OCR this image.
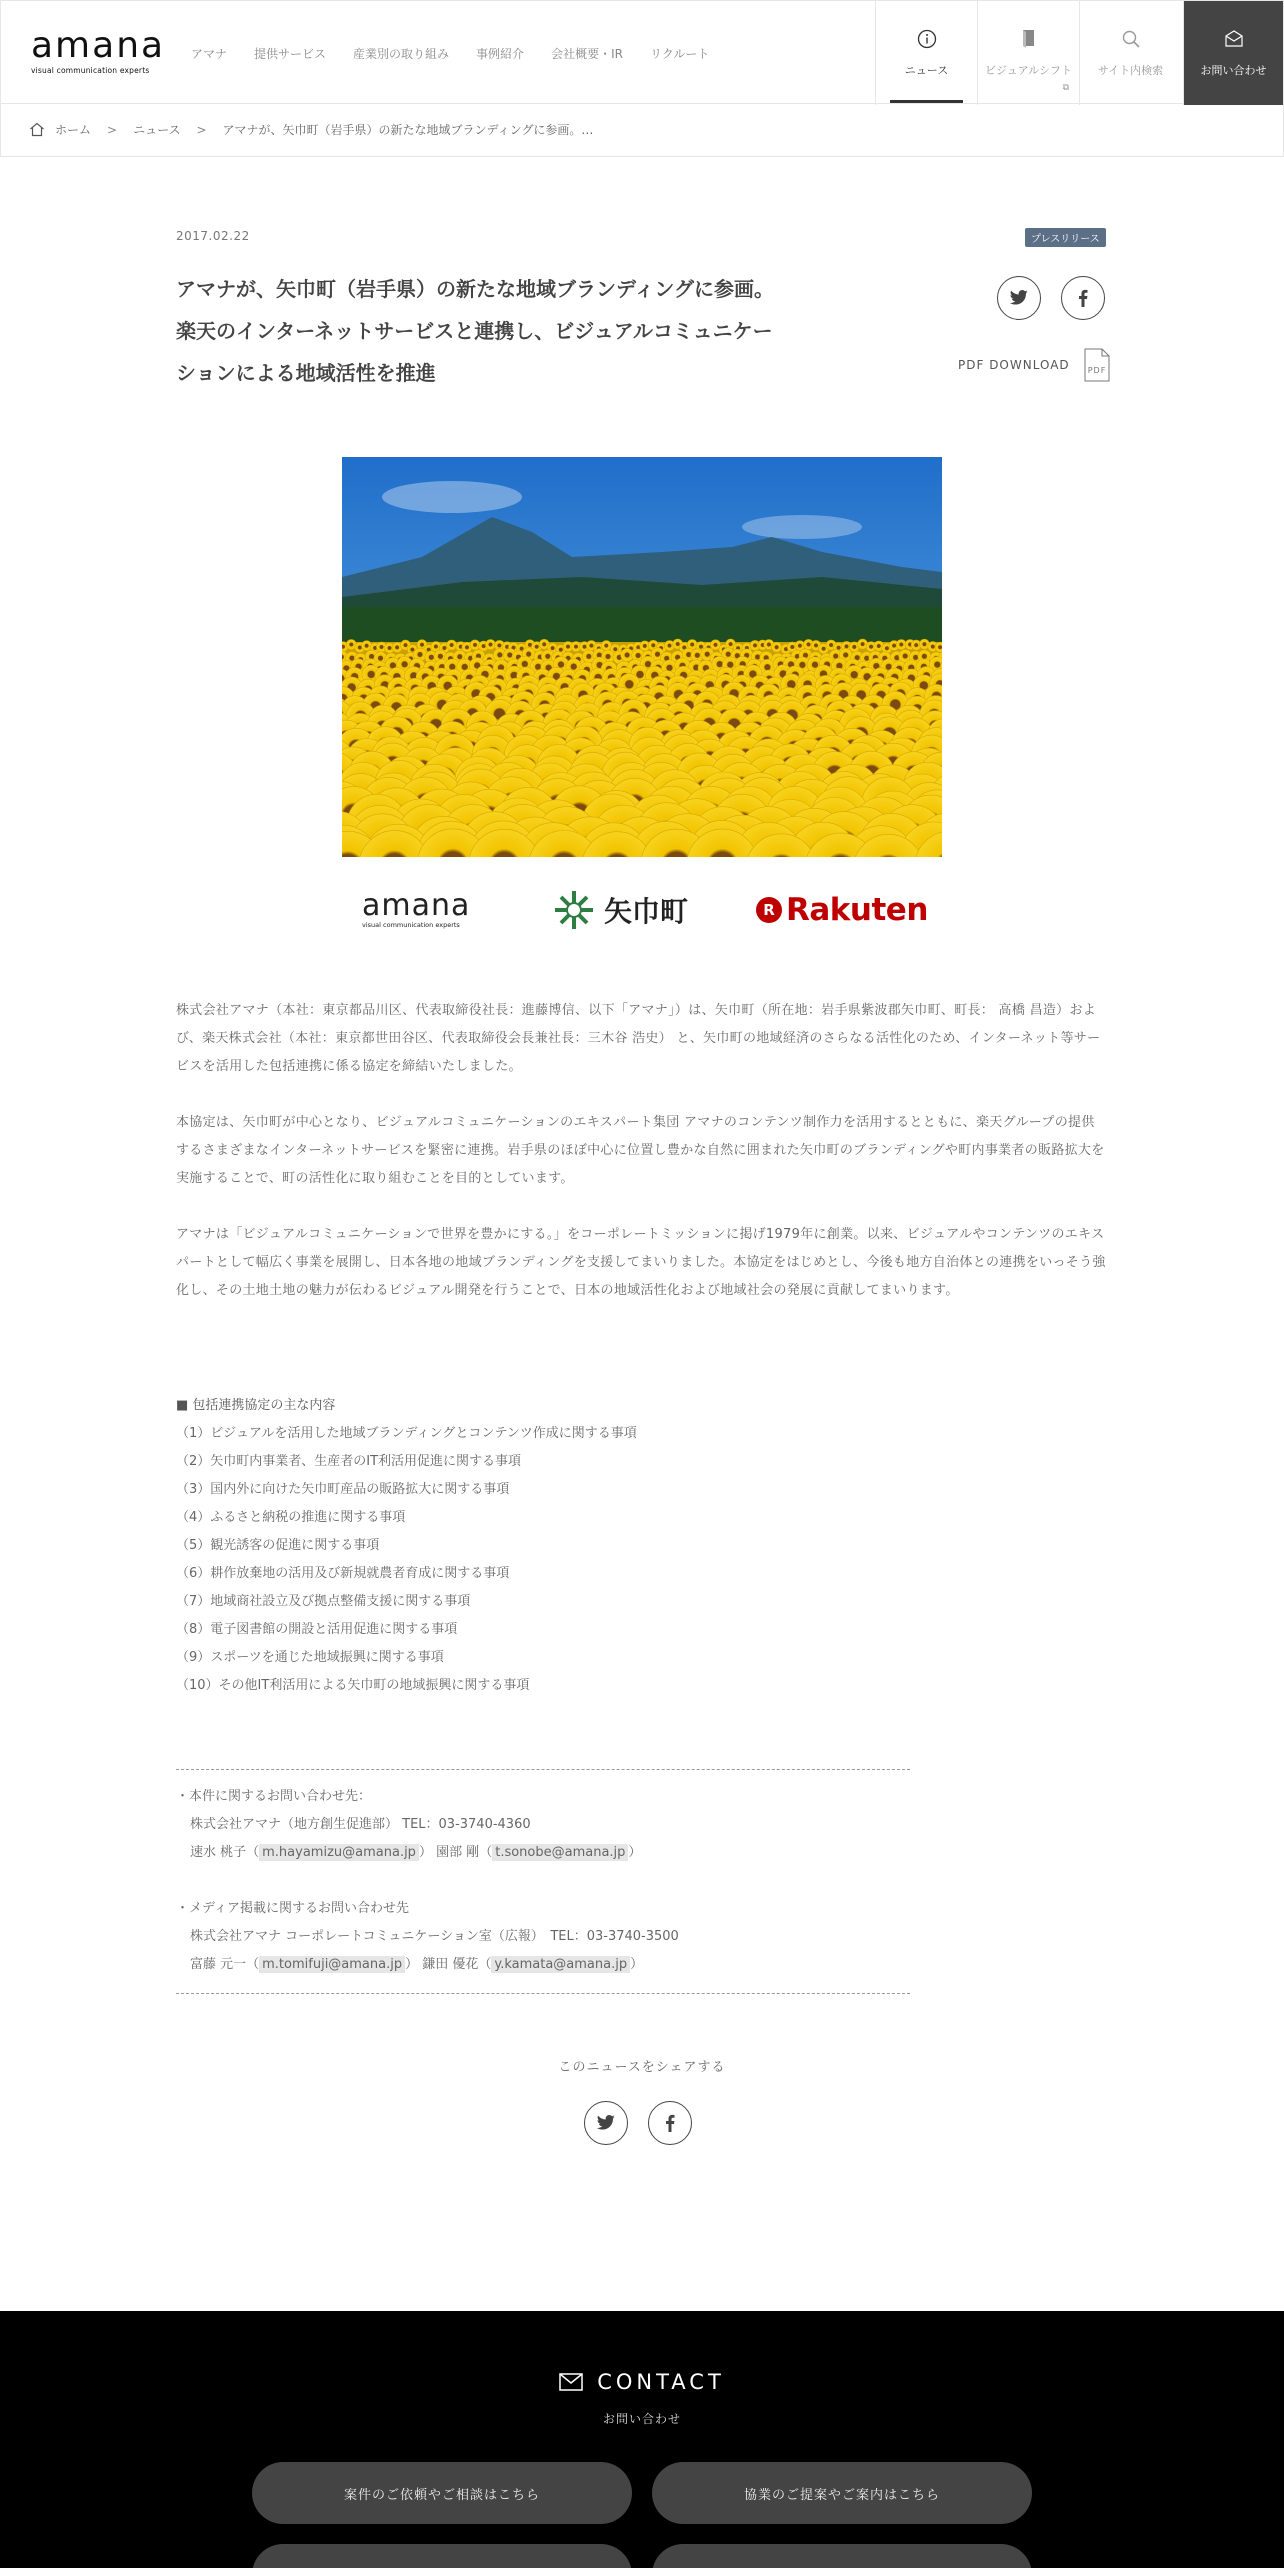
amana
visual communication experts
アマナ 提供サービス 産業別の取り組み 事例紹介 会社概要・IR リクルート
ニュース	ビジュアルシフト
⧉
サイト内検索	お問い合わせ
ホーム > ニュース > アマナが、矢巾町（岩手県）の新たな地域ブランディングに参画。…
2017.02.22	プレスリリース
アマナが、矢巾町（岩手県）の新たな地域ブランディングに参画。
楽天のインターネットサービスと連携し、ビジュアルコミュニケー
ションによる地域活性を推進	PDF DOWNLOAD PDF
amana
visual communication experts	矢巾町	R Rakuten

株式会社アマナ（本社：東京都品川区、代表取締役社長：進藤博信、以下「アマナ」）は、矢巾町（所在地：岩手県紫波郡矢巾町、町長： 高橋 昌造）および、楽天株式会社（本社：東京都世田谷区、代表取締役会長兼社長：三木谷 浩史） と、矢巾町の地域経済のさらなる活性化のため、インターネット等サービスを活用した包括連携に係る協定を締結いたしました。

本協定は、矢巾町が中心となり、ビジュアルコミュニケーションのエキスパート集団 アマナのコンテンツ制作力を活用するとともに、楽天グループの提供するさまざまなインターネットサービスを緊密に連携。岩手県のほぼ中心に位置し豊かな自然に囲まれた矢巾町のブランディングや町内事業者の販路拡大を実施することで、町の活性化に取り組むことを目的としています。

アマナは「ビジュアルコミュニケーションで世界を豊かにする。」をコーポレートミッションに掲げ1979年に創業。以来、ビジュアルやコンテンツのエキスパートとして幅広く事業を展開し、日本各地の地域ブランディングを支援してまいりました。本協定をはじめとし、今後も地方自治体との連携をいっそう強化し、その土地土地の魅力が伝わるビジュアル開発を行うことで、日本の地域活性化および地域社会の発展に貢献してまいります。

■ 包括連携協定の主な内容
（1）ビジュアルを活用した地域ブランディングとコンテンツ作成に関する事項
（2）矢巾町内事業者、生産者のIT利活用促進に関する事項
（3）国内外に向けた矢巾町産品の販路拡大に関する事項
（4）ふるさと納税の推進に関する事項
（5）観光誘客の促進に関する事項
（6）耕作放棄地の活用及び新規就農者育成に関する事項
（7）地域商社設立及び拠点整備支援に関する事項
（8）電子図書館の開設と活用促進に関する事項
（9）スポーツを通じた地域振興に関する事項
（10）その他IT利活用による矢巾町の地域振興に関する事項

・本件に関するお問い合わせ先：

株式会社アマナ（地方創生促進部） TEL：03-3740-4360

速水 桃子（ m.hayamizu@amana.jp ） 園部 剛（ t.sonobe@amana.jp ）

・メディア掲載に関するお問い合わせ先

株式会社アマナ コーポレートコミュニケーション室（広報）　TEL：03-3740-3500

富藤 元一（ m.tomifuji@amana.jp ） 鎌田 優花（ y.kamata@amana.jp ）

このニュースをシェアする
CONTACT
お問い合わせ
案件のご依頼やご相談はこちら	協業のご提案やご案内はこちら
